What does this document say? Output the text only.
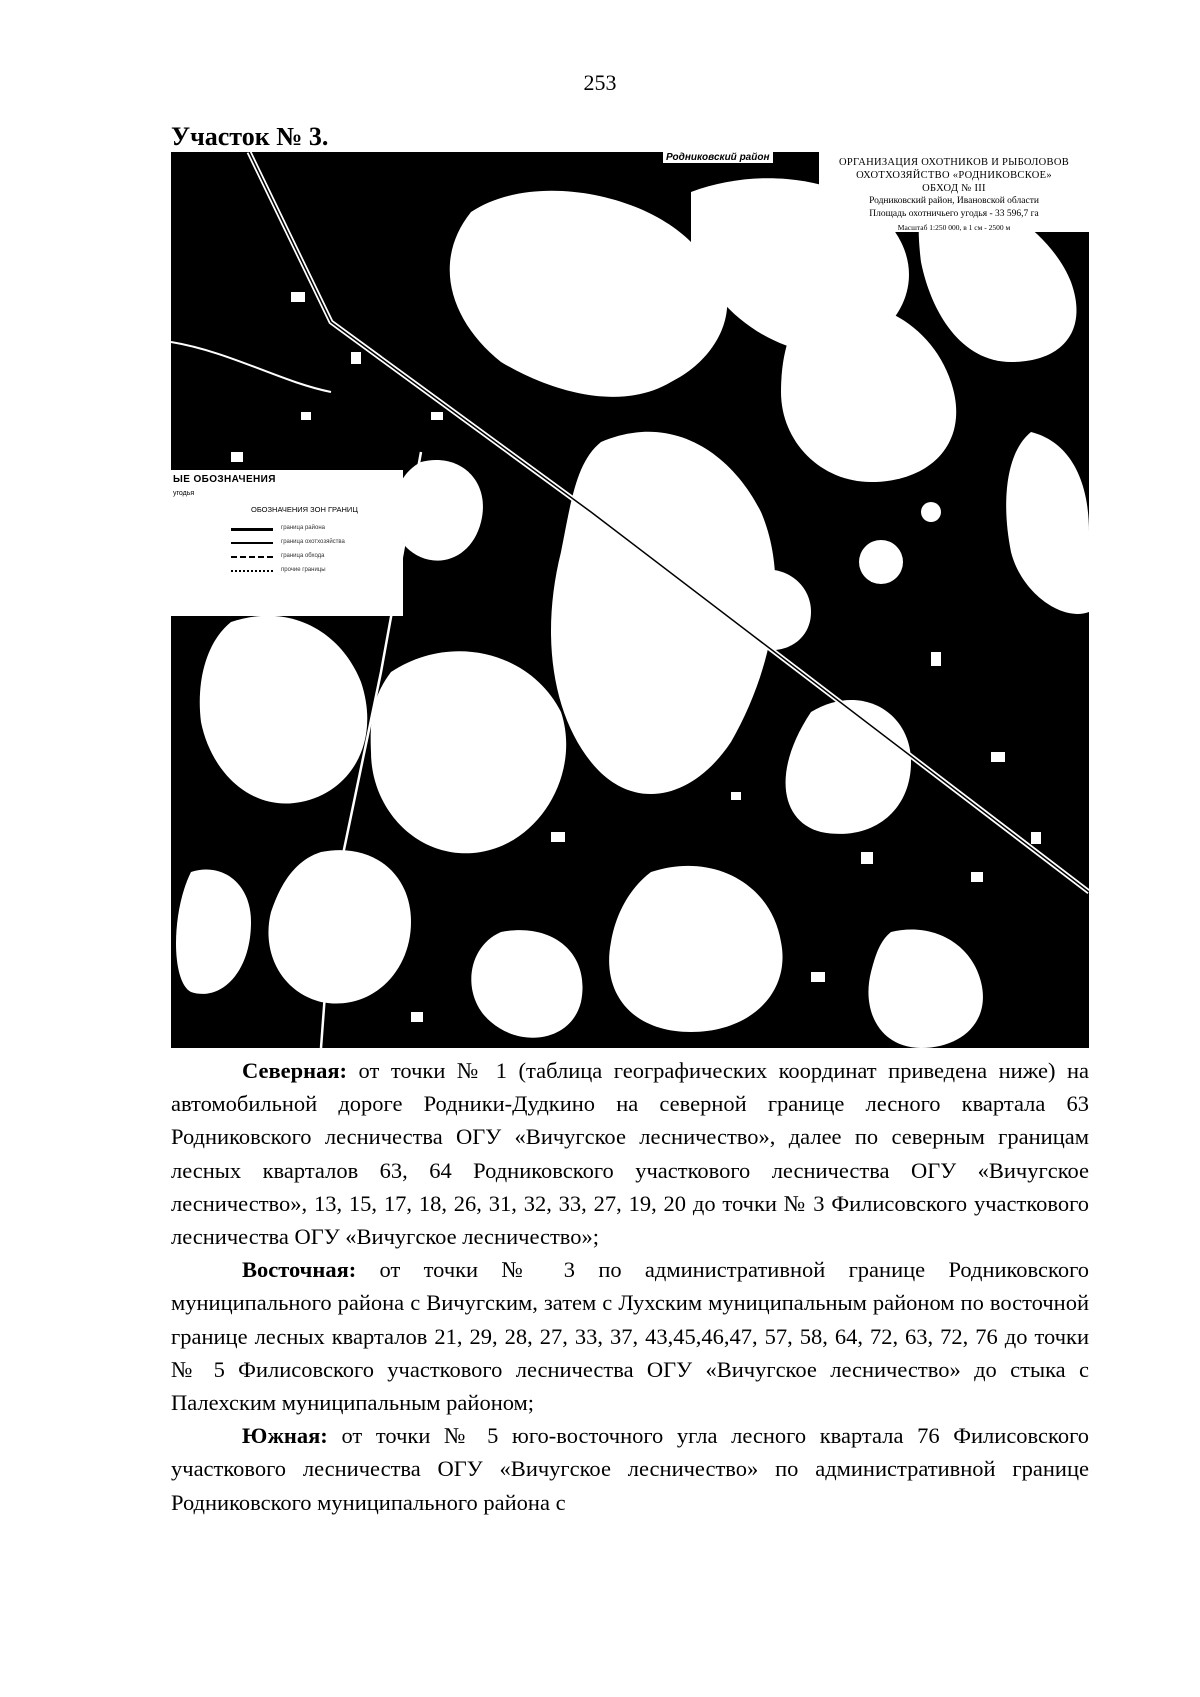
253
Участок № 3.
Родниковский район	ОРГАНИЗАЦИЯ ОХОТНИКОВ И РЫБОЛОВОВ
ОХОТХОЗЯЙСТВО «РОДНИКОВСКОЕ»
ОБХОД № III
Родниковский район, Ивановской области
Площадь охотничьего угодья - 33 596,7 га
Масштаб 1:250 000, в 1 см - 2500 м
ЫЕ ОБОЗНАЧЕНИЯ
угодья
ОБОЗНАЧЕНИЯ ЗОН ГРАНИЦ
граница района
граница охотхозяйства
граница обхода
прочие границы

Северная: от точки № 1 (таблица географических координат приведена ниже) на автомобильной дороге Родники-Дудкино на северной границе лесного квартала 63 Родниковского лесничества ОГУ «Вичугское лесничество», далее по северным границам лесных кварталов 63, 64 Родниковского участкового лесничества ОГУ «Вичугское лесничество», 13, 15, 17, 18, 26, 31, 32, 33, 27, 19, 20 до точки № 3 Филисовского участкового лесничества ОГУ «Вичугское лесничество»;

Восточная: от точки № 3 по административной границе Родниковского муниципального района с Вичугским, затем с Лухским муниципальным районом по восточной границе лесных кварталов 21, 29, 28, 27, 33, 37, 43,45,46,47, 57, 58, 64, 72, 63, 72, 76 до точки № 5 Филисовского участкового лесничества ОГУ «Вичугское лесничество» до стыка с Палехским муниципальным районом;

Южная: от точки № 5 юго-восточного угла лесного квартала 76 Филисовского участкового лесничества ОГУ «Вичугское лесничество» по административной границе Родниковского муниципального района с
